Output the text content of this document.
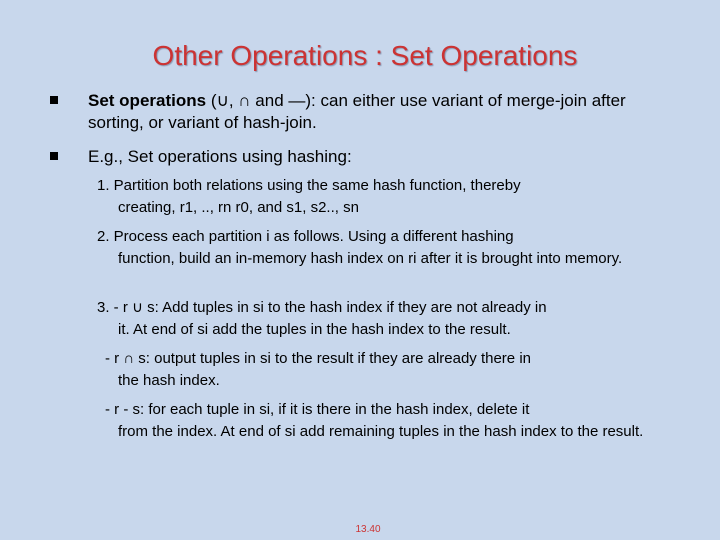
Other Operations : Set Operations
Set operations (∪, ∩ and —): can either use variant of merge-join after sorting, or variant of hash-join.
E.g., Set operations using hashing:
1. Partition both relations using the same hash function, thereby
creating, r1, .., rn r0, and s1, s2.., sn
2. Process each partition i as follows. Using a different hashing
function, build an in-memory hash index on ri after it is brought into memory.
3. - r ∪ s: Add tuples in si to the hash index if they are not already in
it. At end of si add the tuples in the hash index to the result.
- r ∩ s: output tuples in si to the result if they are already there in
the hash index.
- r - s: for each tuple in si, if it is there in the hash index, delete it
from the index. At end of si add remaining tuples in the hash index to the result.
13.40
